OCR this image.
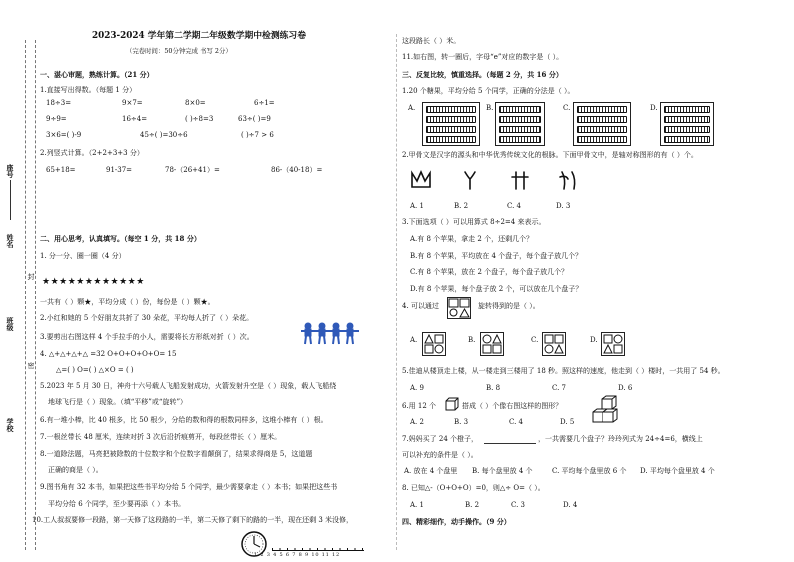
2023-2024 学年第二学期二年级数学期中检测练习卷
（完卷时间：50分钟完成 书写 2分）
座号
姓名
封
班级
密
学校
一、湛心审题，熟练计算。（21 分）
1.直接写出得数。（每题 1 分）
18÷3=	9×7=	8×0=	6÷1=
9÷9=	16÷4=	( )÷8=3	63÷( )=9
3×6=( )-9	45÷( )=30÷6	( )÷7 > 6
2.列竖式计算。（2+2+3+3 分）
65+18=	91-37=	78-（26+41）=	86-（40-18）=
二、用心思考，认真填写。（每空 1 分，共 18 分）
1. 分一分、圈一圈（4 分）
★★★★★★★★★★★★
一共有（ ）颗★，平均分成（ ）份，每份是（ ）颗★。
2.小红和她的 5 个好朋友共折了 30 朵花，平均每人折了（ ）朵花。
3.要剪出右图这样 4 个手拉手的小人，需要将长方形纸对折（ ）次。
4. △+△+△+△ =32 O+O+O+O+O= 15
△=( ) O=( ) △×O = ( )
5.2023 年 5 月 30 日，神舟十六号载人飞船发射成功，火箭发射升空是（ ）现象，载人飞船绕
地球飞行是（ ）现象。（填“平移”或“旋转”）
6.有一堆小棒，比 40 根多，比 50 根少，分给的数和得的根数同样多，这堆小棒有（ ）根。
7.一根丝带长 48 厘米，连续对折 3 次后沿折痕剪开，每段丝带长（ ）厘米。
8.一道除法题，马亮把被除数的十位数字和个位数字看颠倒了，结果求得商是 5，这道题
正确的商是（ ）。
9.图书角有 32 本书，如果把这些书平均分给 5 个同学，最少需要拿走（ ）本书；如果把这些书
平均分给 6 个同学，至少要再添（ ）本书。
10.工人叔叔要修一段路，第一天修了这段路的一半，第二天修了剩下的路的一半，现在还剩 3 米没修，
1 2 3 4 5 6 7 8 9 10 11 12
这段路长（ ）米。
11.如右图，转一圈后，字母“e”对应的数字是（ ）。
三、反复比较，慎重选择。（每题 2 分，共 16 分）
1.20 个糖果，平均分给 5 个同学，正确的分法是（ ）。
A.	B.	C.	D.
2.甲骨文是汉字的源头和中华优秀传统文化的根脉。下面甲骨文中，是轴对称图形的有（ ）个。
A. 1	B. 2	C. 4	D. 3
3.下面选项（ ）可以用算式 8÷2=4 来表示。
A.有 8 个苹果，拿走 2 个，还剩几个？
B.有 8 个苹果，平均放在 4 个盘子，每个盘子放几个？
C.有 8 个苹果，放在 2 个盘子，每个盘子放几个？
D.有 8 个苹果，每个盘子放 2 个，可以放在几个盘子？
4. 可以通过	旋转得到的是（ ）。
A.	B.	C.	D.
5.佳迪从楼顶走上楼，从一楼走到三楼用了 18 秒。照这样的速度，他走到（ ）楼时，一共用了 54 秒。
A. 9	B. 8	C. 7	D. 6
6.用 12 个	搭成（ ）个像右图这样的图形？
A. 2	B. 3	C. 4	D. 5
7.妈妈买了 24 个橙子，	，一共需要几个盘子？玲玲列式为 24÷4=6，横线上
可以补充的条件是（ ）。
A. 放在 4 个盘里 B. 每个盘里放 4 个	C. 平均每个盘里放 6 个 D. 平均每个盘里放 4 个
8. 已知△-（O+O+O）=0，则△÷ O=（ ）。
A. 1	B. 2	C. 3	D. 4
四、精彩细作，动手操作。（9 分）
